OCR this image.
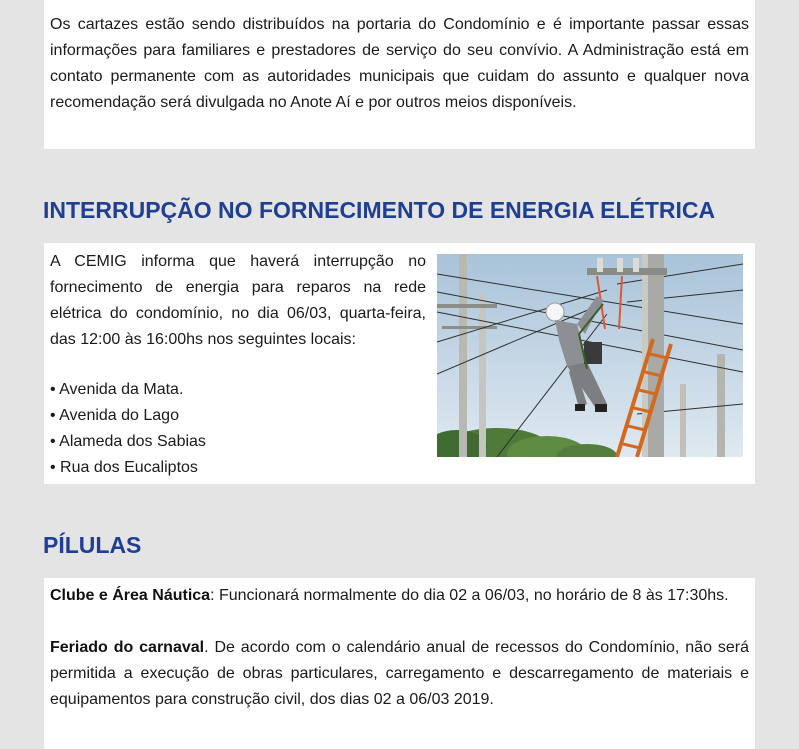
Os cartazes estão sendo distribuídos na portaria do Condomínio e é importante passar essas informações para familiares e prestadores de serviço do seu convívio. A Administração está em contato permanente com as autoridades municipais que cuidam do assunto e qualquer nova recomendação será divulgada no Anote Aí e por outros meios disponíveis.

INTERRUPÇÃO NO FORNECIMENTO DE ENERGIA ELÉTRICA

A CEMIG informa que haverá interrupção no fornecimento de energia para reparos na rede elétrica do condomínio, no dia 06/03, quarta-feira, das 12:00 às 16:00hs nos seguintes locais:

• Avenida da Mata.
• Avenida do Lago
• Alameda dos Sabias
• Rua dos Eucaliptos
PÍLULAS

Clube e Área Náutica: Funcionará normalmente do dia 02 a 06/03, no horário de 8 às 17:30hs.

Feriado do carnaval. De acordo com o calendário anual de recessos do Condomínio, não será permitida a execução de obras particulares, carregamento e descarregamento de materiais e equipamentos para construção civil, dos dias 02 a 06/03 2019.
